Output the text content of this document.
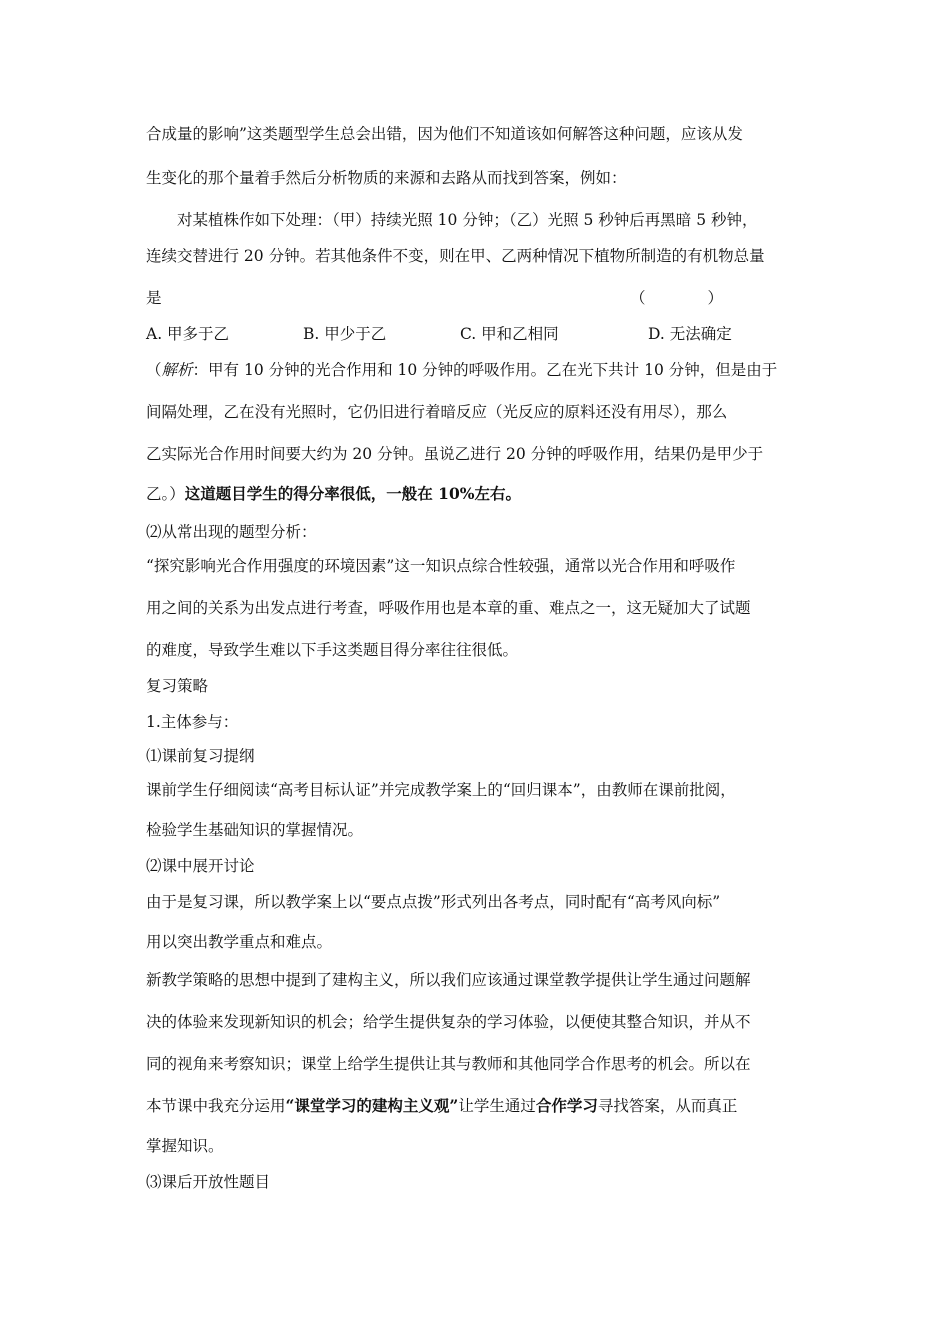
合成量的影响”这类题型学生总会出错，因为他们不知道该如何解答这种问题，应该从发
生变化的那个量着手然后分析物质的来源和去路从而找到答案，例如：
对某植株作如下处理：（甲）持续光照 10 分钟；（乙）光照 5 秒钟后再黑暗 5 秒钟，
连续交替进行 20 分钟。若其他条件不变，则在甲、乙两种情况下植物所制造的有机物总量
是	（　　　　）
A. 甲多于乙	B. 甲少于乙	C. 甲和乙相同	D. 无法确定
（解析：甲有 10 分钟的光合作用和 10 分钟的呼吸作用。乙在光下共计 10 分钟，但是由于
间隔处理，乙在没有光照时，它仍旧进行着暗反应（光反应的原料还没有用尽），那么
乙实际光合作用时间要大约为 20 分钟。虽说乙进行 20 分钟的呼吸作用，结果仍是甲少于
乙。）这道题目学生的得分率很低，一般在 10%左右。
⑵从常出现的题型分析：
“探究影响光合作用强度的环境因素”这一知识点综合性较强，通常以光合作用和呼吸作
用之间的关系为出发点进行考查，呼吸作用也是本章的重、难点之一，这无疑加大了试题
的难度，导致学生难以下手这类题目得分率往往很低。
复习策略
1.主体参与：
⑴课前复习提纲
课前学生仔细阅读“高考目标认证”并完成教学案上的“回归课本”，由教师在课前批阅，
检验学生基础知识的掌握情况。
⑵课中展开讨论
由于是复习课，所以教学案上以“要点点拨”形式列出各考点，同时配有“高考风向标”
用以突出教学重点和难点。
新教学策略的思想中提到了建构主义，所以我们应该通过课堂教学提供让学生通过问题解
决的体验来发现新知识的机会；给学生提供复杂的学习体验，以便使其整合知识，并从不
同的视角来考察知识；课堂上给学生提供让其与教师和其他同学合作思考的机会。所以在
本节课中我充分运用“课堂学习的建构主义观”让学生通过合作学习寻找答案，从而真正
掌握知识。
⑶课后开放性题目
